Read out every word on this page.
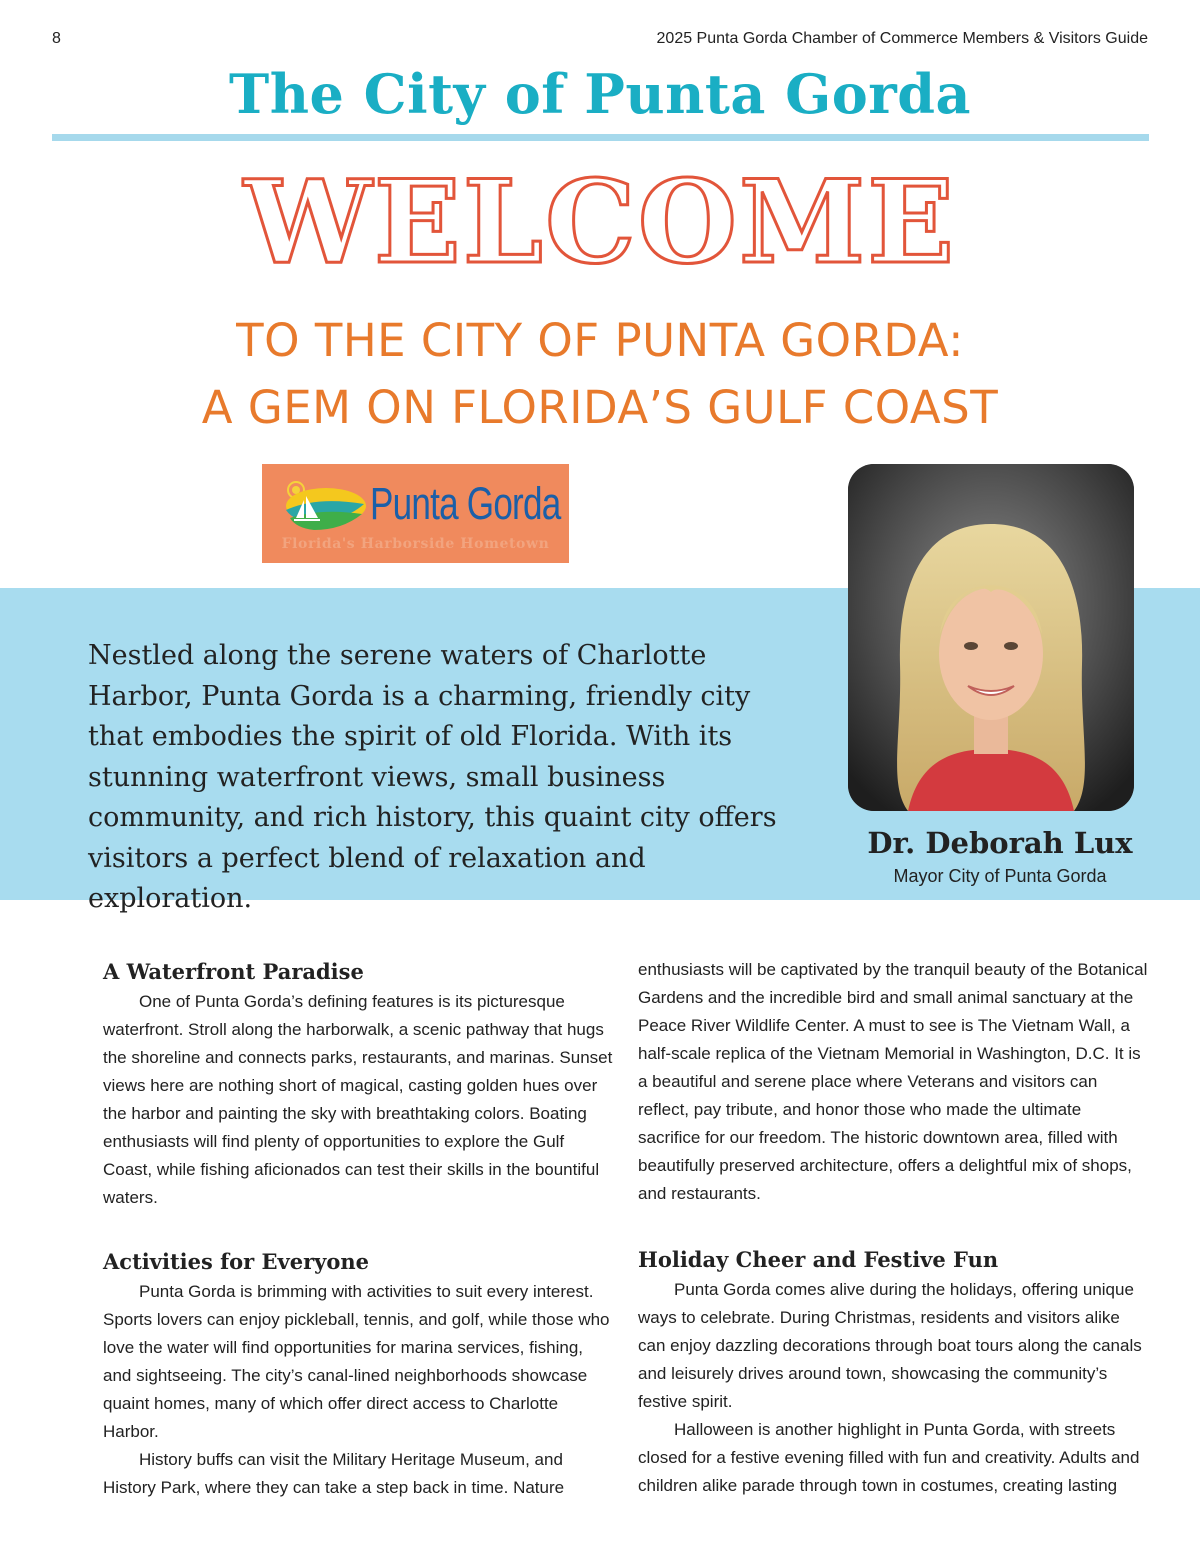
8	2025 Punta Gorda Chamber of Commerce Members & Visitors Guide
The City of Punta Gorda
WELCOME
TO THE CITY OF PUNTA GORDA:
A GEM ON FLORIDA’S GULF COAST
Punta Gorda
Florida's Harborside Hometown

Nestled along the serene waters of Charlotte Harbor, Punta Gorda is a charming, friendly city that embodies the spirit of old Florida. With its stunning waterfront views, small business community, and rich history, this quaint city offers visitors a perfect blend of relaxation and exploration.

Dr. Deborah Lux
Mayor City of Punta Gorda
A Waterfront Paradise

One of Punta Gorda’s defining features is its picturesque waterfront. Stroll along the harborwalk, a scenic pathway that hugs the shoreline and connects parks, restaurants, and marinas. Sunset views here are nothing short of magical, casting golden hues over the harbor and painting the sky with breathtaking colors. Boating enthusiasts will find plenty of opportunities to explore the Gulf Coast, while fishing aficionados can test their skills in the bountiful waters.

Activities for Everyone

Punta Gorda is brimming with activities to suit every interest. Sports lovers can enjoy pickleball, tennis, and golf, while those who love the water will find opportunities for marina services, fishing, and sightseeing. The city’s canal-lined neighborhoods showcase quaint homes, many of which offer direct access to Charlotte Harbor.

History buffs can visit the Military Heritage Museum, and History Park, where they can take a step back in time. Nature

enthusiasts will be captivated by the tranquil beauty of the Botanical Gardens and the incredible bird and small animal sanctuary at the Peace River Wildlife Center. A must to see is The Vietnam Wall, a half-scale replica of the Vietnam Memorial in Washington, D.C. It is a beautiful and serene place where Veterans and visitors can reflect, pay tribute, and honor those who made the ultimate sacrifice for our freedom. The historic downtown area, filled with beautifully preserved architecture, offers a delightful mix of shops, and restaurants.

Holiday Cheer and Festive Fun

Punta Gorda comes alive during the holidays, offering unique ways to celebrate. During Christmas, residents and visitors alike can enjoy dazzling decorations through boat tours along the canals and leisurely drives around town, showcasing the community’s festive spirit.

Halloween is another highlight in Punta Gorda, with streets closed for a festive evening filled with fun and creativity. Adults and children alike parade through town in costumes, creating lasting
